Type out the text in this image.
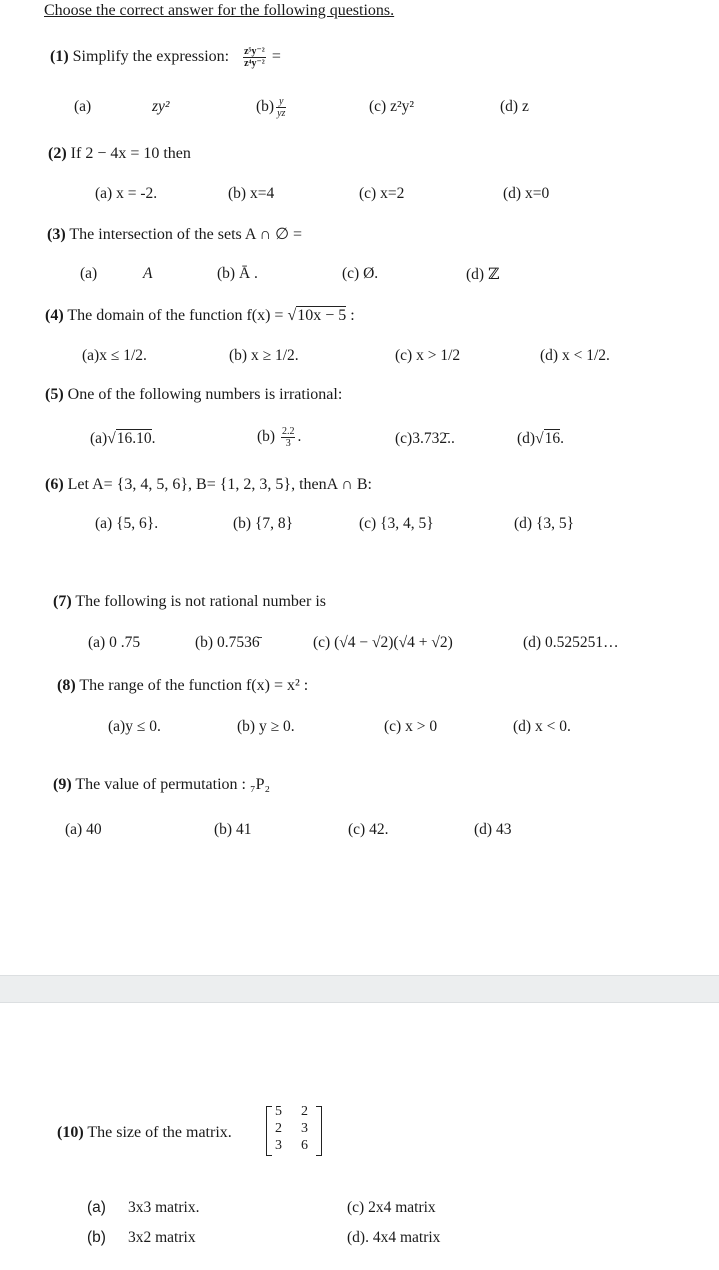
Choose the correct answer for the following questions.
(1) Simplify the expression: $\frac{\text{z⁵y⁻²}}{\text{z⁴y⁻²}}$ =
(a)	zy²	$(b) \frac{y}{yz}$	(c) z²y²	(d) z
(2) If 2 − 4x = 10 then
(a) x = -2.	(b) x=4	(c) x=2	(d) x=0
(3) The intersection of the sets A ∩ ∅ =
(a)	A	(b) Ā .	(c) Ø.	(d) ℤ
(4) The domain of the function f(x) = √10x − 5 :
(a)x ≤ 1/2.	(b) x ≥ 1/2.	(c) x > 1/2	(d) x < 1/2.
(5) One of the following numbers is irrational:
(a)√16.10.	$(b) \frac{2.2}{3}$ .	(c)3.732̄..	(d)√16.
(6) Let A= {3, 4, 5, 6}, B= {1, 2, 3, 5}, thenA ∩ B:
(a) {5, 6}.	(b) {7, 8}	(c) {3, 4, 5}	(d) {3, 5}
(7) The following is not rational number is
(a) 0 .75	(b) 0.7536̄	(c) (√4 − √2)(√4 + √2)	(d) 0.525251…
(8) The range of the function f(x) = x² :
(a)y ≤ 0.	(b) y ≥ 0.	(c) x > 0	(d) x < 0.
(9) The value of permutation : ₇P₂
(a) 40	(b) 41	(c) 42.	(d) 43
(10) The size of the matrix.
5 2
2 3
3 6
(a) 3x3 matrix.
(b) 3x2 matrix
(c) 2x4 matrix
(d). 4x4 matrix
